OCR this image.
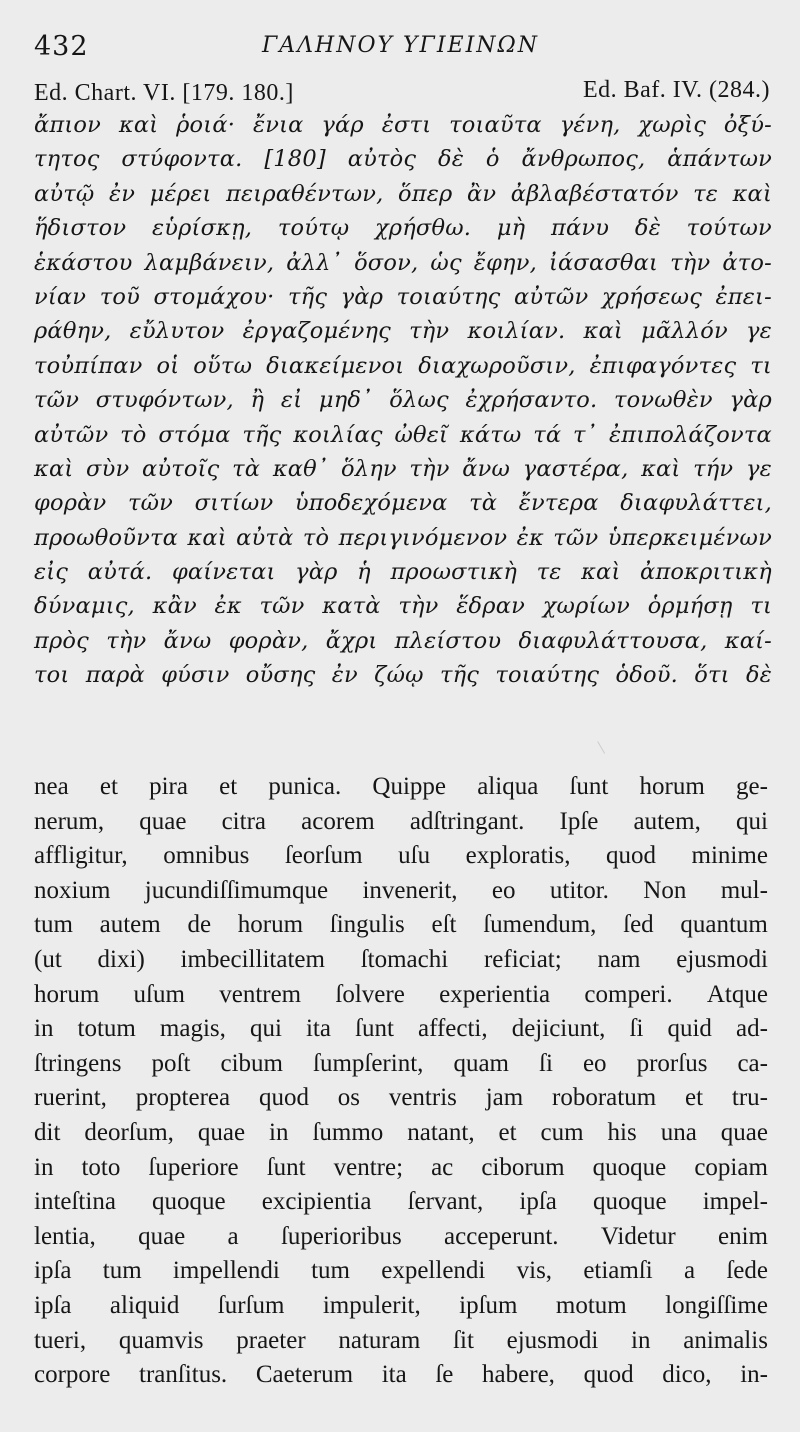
432	ΓΑΛΗΝΟΥ ΥΓΙΕΙΝΩΝ
Ed. Chart. VI. [179. 180.]	Ed. Baf. IV. (284.)
ἄπιον καὶ ῥοιά· ἔνια γάρ ἐστι τοιαῦτα γένη, χωρὶς ὀξύ-
τητος στύφοντα. [180] αὐτὸς δὲ ὁ ἄνθρωπος, ἁπάντων
αὐτῷ ἐν μέρει πειραθέντων, ὅπερ ἂν ἀβλαβέστατόν τε καὶ
ἥδιστον εὑρίσκῃ, τούτῳ χρήσθω. μὴ πάνυ δὲ τούτων
ἑκάστου λαμβάνειν, ἀλλ᾽ ὅσον, ὡς ἔφην, ἰάσασθαι τὴν ἀτο-
νίαν τοῦ στομάχου· τῆς γὰρ τοιαύτης αὐτῶν χρήσεως ἐπει-
ράθην, εὔλυτον ἐργαζομένης τὴν κοιλίαν. καὶ μᾶλλόν γε
τοὐπίπαν οἱ οὕτω διακείμενοι διαχωροῦσιν, ἐπιφαγόντες τι
τῶν στυφόντων, ἢ εἰ μηδ᾽ ὅλως ἐχρήσαντο. τονωθὲν γὰρ
αὐτῶν τὸ στόμα τῆς κοιλίας ὠθεῖ κάτω τά τ᾽ ἐπιπολάζοντα
καὶ σὺν αὐτοῖς τὰ καθ᾽ ὅλην τὴν ἄνω γαστέρα, καὶ τήν γε
φορὰν τῶν σιτίων ὑποδεχόμενα τὰ ἔντερα διαφυλάττει,
προωθοῦντα καὶ αὐτὰ τὸ περιγινόμενον ἐκ τῶν ὑπερκειμένων
εἰς αὐτά. φαίνεται γὰρ ἡ προωστικὴ τε καὶ ἀποκριτικὴ
δύναμις, κἂν ἐκ τῶν κατὰ τὴν ἕδραν χωρίων ὁρμήσῃ τι
πρὸς τὴν ἄνω φορὰν, ἄχρι πλείστου διαφυλάττουσα, καί-
τοι παρὰ φύσιν οὔσης ἐν ζώῳ τῆς τοιαύτης ὁδοῦ. ὅτι δὲ
nea et pira et punica. Quippe aliqua ſunt horum ge-
nerum, quae citra acorem adſtringant. Ipſe autem, qui
affligitur, omnibus ſeorſum uſu exploratis, quod minime
noxium jucundiſſimumque invenerit, eo utitor. Non mul-
tum autem de horum ſingulis eſt ſumendum, ſed quantum
(ut dixi) imbecillitatem ſtomachi reficiat; nam ejusmodi
horum uſum ventrem ſolvere experientia comperi. Atque
in totum magis, qui ita ſunt affecti, dejiciunt, ſi quid ad-
ſtringens poſt cibum ſumpſerint, quam ſi eo prorſus ca-
ruerint, propterea quod os ventris jam roboratum et tru-
dit deorſum, quae in ſummo natant, et cum his una quae
in toto ſuperiore ſunt ventre; ac ciborum quoque copiam
inteſtina quoque excipientia ſervant, ipſa quoque impel-
lentia, quae a ſuperioribus acceperunt. Videtur enim
ipſa tum impellendi tum expellendi vis, etiamſi a ſede
ipſa aliquid ſurſum impulerit, ipſum motum longiſſime
tueri, quamvis praeter naturam ſit ejusmodi in animalis
corpore tranſitus. Caeterum ita ſe habere, quod dico, in-
